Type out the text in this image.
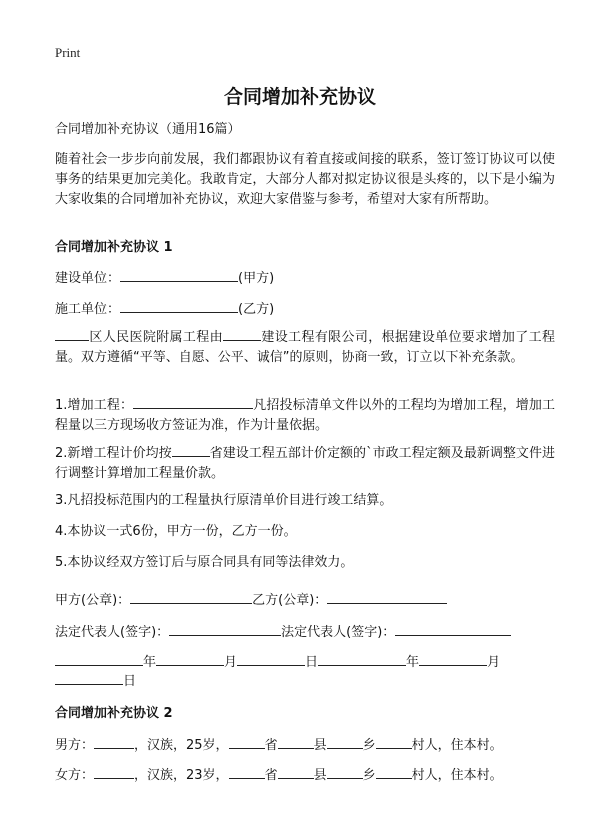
Print
合同增加补充协议
合同增加补充协议（通用16篇）
随着社会一步步向前发展，我们都跟协议有着直接或间接的联系，签订签订协议可以使事务的结果更加完美化。我敢肯定，大部分人都对拟定协议很是头疼的，以下是小编为大家收集的合同增加补充协议，欢迎大家借鉴与参考，希望对大家有所帮助。
合同增加补充协议 1
建设单位：	(甲方)
施工单位：	(乙方)
区人民医院附属工程由	建设工程有限公司，根据建设单位要求增加了工程量。双方遵循“平等、自愿、公平、诚信”的原则，协商一致，订立以下补充条款。
1.增加工程：	凡招投标清单文件以外的工程均为增加工程，增加工程量以三方现场收方签证为准，作为计量依据。
2.新增工程计价均按	省建设工程五部计价定额的`市政工程定额及最新调整文件进行调整计算增加工程量价款。
3.凡招投标范围内的工程量执行原清单价目进行竣工结算。
4.本协议一式6份，甲方一份，乙方一份。
5.本协议经双方签订后与原合同具有同等法律效力。
甲方(公章)：	乙方(公章)：
法定代表人(签字)：	法定代表人(签字)：
年	月	日	年	月
日
合同增加补充协议 2
男方：	，汉族，25岁，	省	县	乡	村人，住本村。
女方：	，汉族，23岁，	省	县	乡	村人，住本村。
